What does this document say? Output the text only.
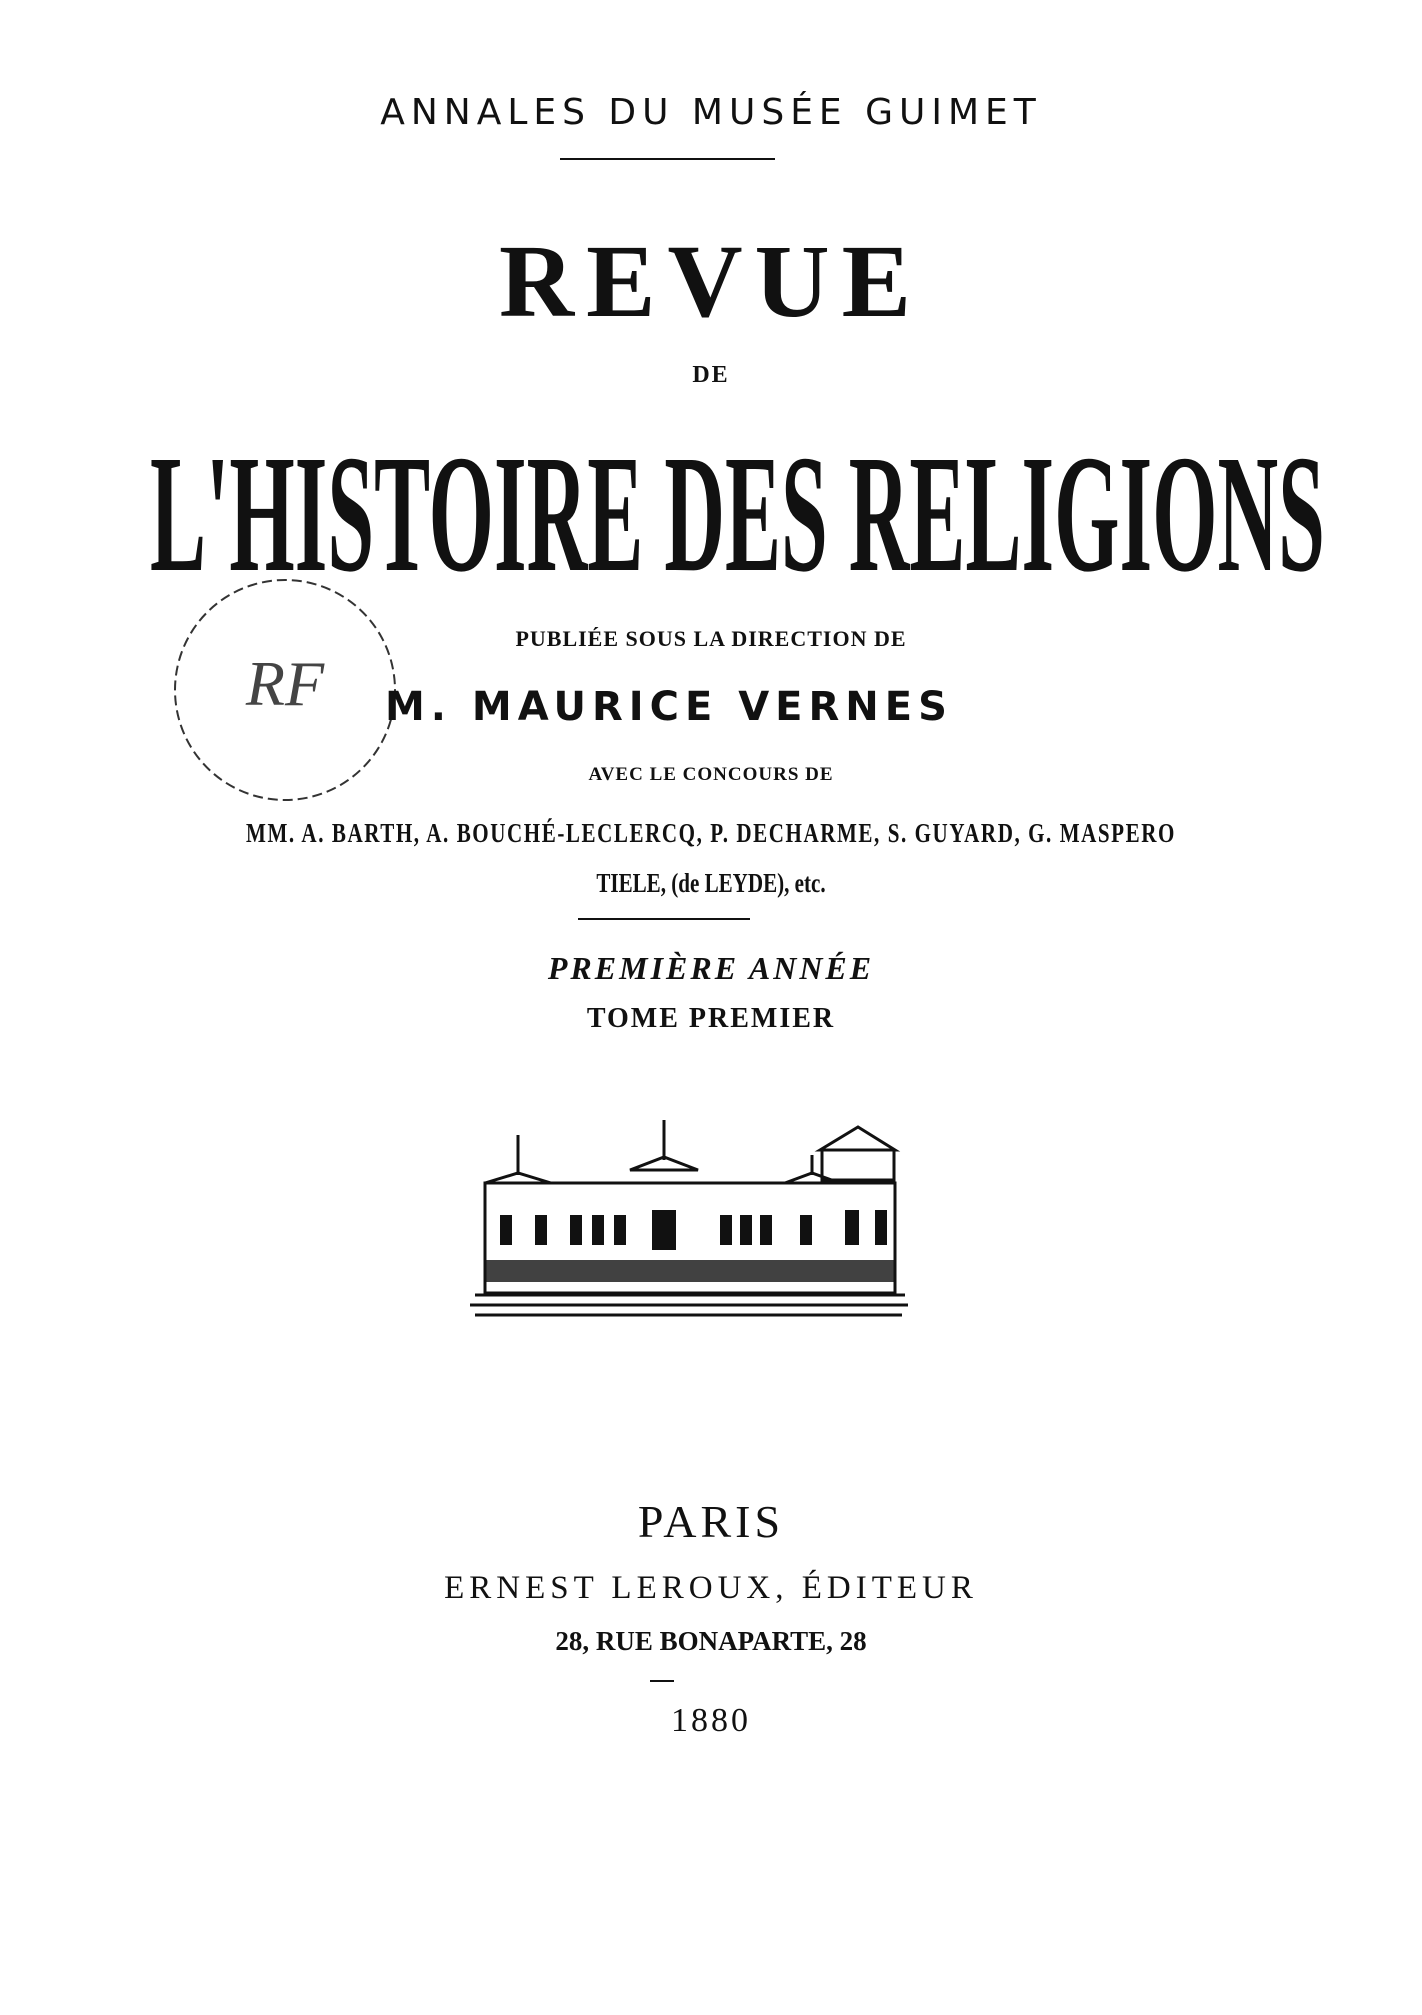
ANNALES DU MUSÉE GUIMET
REVUE
DE
L'HISTOIRE DES RELIGIONS
RF
PUBLIÉE SOUS LA DIRECTION DE
M. MAURICE VERNES
AVEC LE CONCOURS DE
MM. A. BARTH, A. BOUCHÉ-LECLERCQ, P. DECHARME, S. GUYARD, G. MASPERO
TIELE, (de LEYDE), etc.
PREMIÈRE ANNÉE
TOME PREMIER
PARIS
ERNEST LEROUX, ÉDITEUR
28, RUE BONAPARTE, 28
1880
